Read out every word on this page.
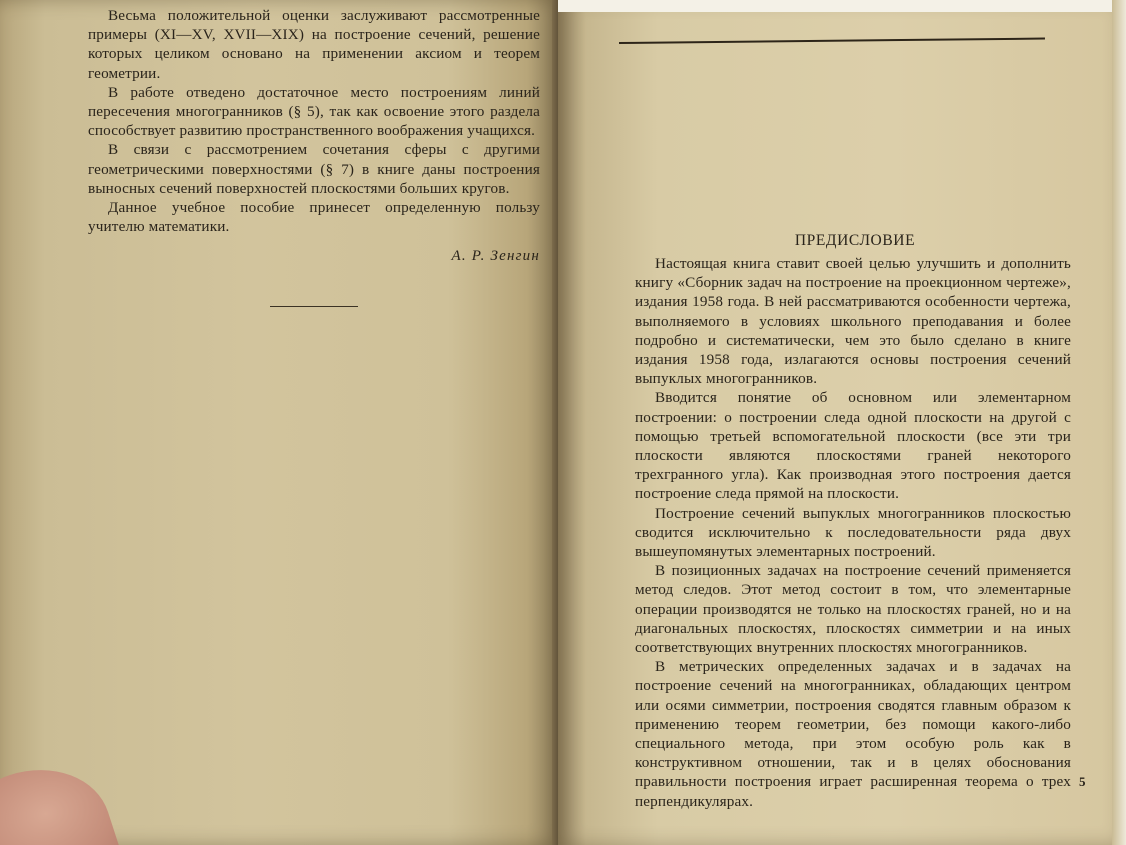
Весьма положительной оценки заслуживают рассмотренные примеры (XI—XV, XVII—XIX) на построение сечений, решение которых целиком основано на применении аксиом и теорем геометрии.

В работе отведено достаточное место построениям линий пересечения многогранников (§ 5), так как освоение этого раздела способствует развитию пространственного воображения учащихся.

В связи с рассмотрением сочетания сферы с другими геометрическими поверхностями (§ 7) в книге даны построения выносных сечений поверхностей плоскостями больших кругов.

Данное учебное пособие принесет определенную пользу учителю математики.

А. Р. Зенгин

ПРЕДИСЛОВИЕ

Настоящая книга ставит своей целью улучшить и дополнить книгу «Сборник задач на построение на проекционном чертеже», издания 1958 года. В ней рассматриваются особенности чертежа, выполняемого в условиях школьного преподавания и более подробно и систематически, чем это было сделано в книге издания 1958 года, излагаются основы построения сечений выпуклых многогранников.

Вводится понятие об основном или элементарном построении: о построении следа одной плоскости на другой с помощью третьей вспомогательной плоскости (все эти три плоскости являются плоскостями граней некоторого трехгранного угла). Как производная этого построения дается построение следа прямой на плоскости.

Построение сечений выпуклых многогранников плоскостью сводится исключительно к последовательности ряда двух вышеупомянутых элементарных построений.

В позиционных задачах на построение сечений применяется метод следов. Этот метод состоит в том, что элементарные операции производятся не только на плоскостях граней, но и на диагональных плоскостях, плоскостях симметрии и на иных соответствующих внутренних плоскостях многогранников.

В метрических определенных задачах и в задачах на построение сечений на многогранниках, обладающих центром или осями симметрии, построения сводятся главным образом к применению теорем геометрии, без помощи какого-либо специального метода, при этом особую роль как в конструктивном отношении, так и в целях обоснования правильности построения играет расширенная теорема о трех перпендикулярах.

5
